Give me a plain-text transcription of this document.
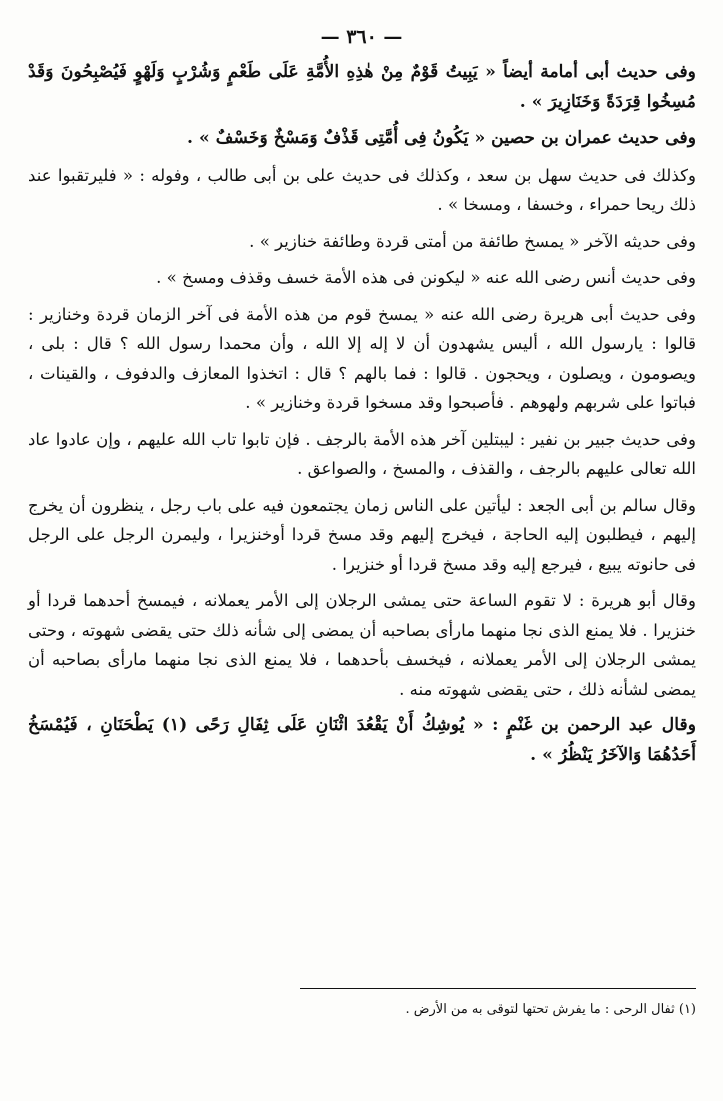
— ٣٦٠ —

وفى حديث أبى أمامة أيضاً « يَبِيتُ قَوْمٌ مِنْ هٰذِهِ الأُمَّةِ عَلَى طَعْمٍ وَشُرْبٍ وَلَهْوٍ فَيُصْبِحُونَ وَقَدْ مُسِخُوا قِرَدَةً وَخَنَازِيرَ » .

وفى حديث عمران بن حصين « يَكُونُ فِى أُمَّتِى قَذْفٌ وَمَسْخٌ وَخَسْفٌ » .

وكذلك فى حديث سهل بن سعد ، وكذلك فى حديث على بن أبى طالب ، وفوله : « فليرتقبوا عند ذلك ريحا حمراء ، وخسفا ، ومسخا » .

وفى حديثه الآخر « يمسخ طائفة من أمتى قردة وطائفة خنازير » .

وفى حديث أنس رضى الله عنه « ليكونن فى هذه الأمة خسف وقذف ومسخ » .

وفى حديث أبى هريرة رضى الله عنه « يمسخ قوم من هذه الأمة فى آخر الزمان قردة وخنازير : قالوا : يارسول الله ، أليس يشهدون أن لا إله إلا الله ، وأن محمدا رسول الله ؟ قال : بلى ، ويصومون ، ويصلون ، ويحجون . قالوا : فما بالهم ؟ قال : اتخذوا المعازف والدفوف ، والقينات ، فباتوا على شربهم ولهوهم . فأصبحوا وقد مسخوا قردة وخنازير » .

وفى حديث جبير بن نفير : ليبتلين آخر هذه الأمة بالرجف . فإن تابوا تاب الله عليهم ، وإن عادوا عاد الله تعالى عليهم بالرجف ، والقذف ، والمسخ ، والصواعق .

وقال سالم بن أبى الجعد : ليأتين على الناس زمان يجتمعون فيه على باب رجل ، ينظرون أن يخرج إليهم ، فيطلبون إليه الحاجة ، فيخرج إليهم وقد مسخ قردا أوخنزيرا ، وليمرن الرجل على الرجل فى حانوته يبيع ، فيرجع إليه وقد مسخ قردا أو خنزيرا .

وقال أبو هريرة : لا تقوم الساعة حتى يمشى الرجلان إلى الأمر يعملانه ، فيمسخ أحدهما قردا أو خنزيرا . فلا يمنع الذى نجا منهما مارأى بصاحبه أن يمضى إلى شأنه ذلك حتى يقضى شهوته ، وحتى يمشى الرجلان إلى الأمر يعملانه ، فيخسف بأحدهما ، فلا يمنع الذى نجا منهما مارأى بصاحبه أن يمضى لشأنه ذلك ، حتى يقضى شهوته منه .

وقال عبد الرحمن بن غَنْمٍ : « يُوشِكُ أَنْ يَقْعُدَ اثْنَانِ عَلَى ثِفَالِ رَحًى (١) يَطْحَنَانِ ، فَيُمْسَخُ أَحَدُهُمَا وَالآخَرُ يَنْظُرُ » .

(١) ثفال الرحى : ما يفرش تحتها لتوقى به من الأرض .
